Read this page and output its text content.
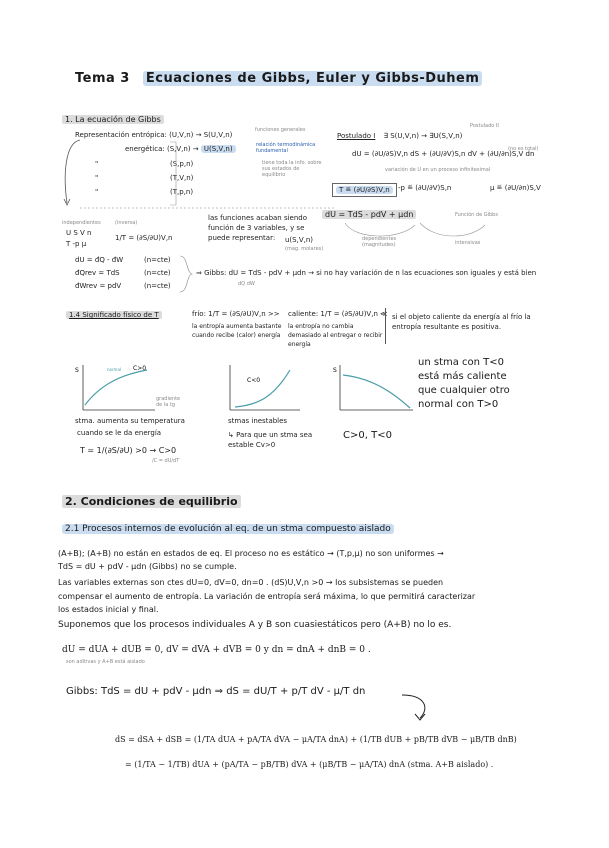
Tema 3 Ecuaciones de Gibbs, Euler y Gibbs-Duhem
1. La ecuación de Gibbs
Representación entrópica: (U,V,n) → S(U,V,n)
funciones generales
energética: (S,V,n) → U(S,V,n)	relación termodinámica fundamental
tiene toda la info. sobre sus estados de equilibrio
"	(S,p,n)
"	(T,V,n)
"	(T,p,n)
Postulado I ∃ S(U,V,n) → ∃U(S,V,n)
Postulado II
dU = (∂U/∂S)V,n dS + (∂U/∂V)S,n dV + (∂U/∂n)S,V dn
(no es total)
variación de U en un proceso infinitesimal
T ≝ (∂U/∂S)V,n	-p ≝ (∂U/∂V)S,n	μ ≝ (∂U/∂n)S,V
independientes	(inversa)
U S V n
T -p μ
1/T = (∂S/∂U)V,n
las funciones acaban siendo función de 3 variables, y se puede representar:	u(S,V,n)
(mag. molares)
dU = TdS - pdV + μdn	Función de Gibbs
dependientes (magnitudes)	intensivas
dU = đQ - đW	(n=cte)
đQrev = TdS	(n=cte)
đWrev = pdV	(n=cte)
⇒ Gibbs: dU = TdS - pdV + μdn → si no hay variación de n las ecuaciones son iguales y está bien
dQ dW
1.4 Significado físico de T	frío: 1/T = (∂S/∂U)V,n >>
la entropía aumenta bastante cuando recibe (calor) energía
caliente: 1/T = (∂S/∂U)V,n ≪
la entropía no cambia demasiado al entregar o recibir energía
si el objeto caliente da energía al frío la entropía resultante es positiva.
un stma con T<0 está más caliente que cualquier otro normal con T>0
S	C>0
normal
C<0
S
gradiente de la tg
stma. aumenta su temperatura
cuando se le da energía
T = 1/(∂S/∂U) >0 → C>0
/C = dU/dT
stmas inestables
↳ Para que un stma sea estable Cv>0
C>0, T<0
2. Condiciones de equilibrio
2.1 Procesos internos de evolución al eq. de un stma compuesto aislado
(A+B); (A+B) no están en estados de eq. El proceso no es estático → (T,p,μ) no son uniformes →
TdS = dU + pdV - μdn (Gibbs) no se cumple.
Las variables externas son ctes dU=0, dV=0, dn=0 . (dS)U,V,n >0 → los subsistemas se pueden
compensar el aumento de entropía. La variación de entropía será máxima, lo que permitirá caracterizar
los estados inicial y final.
Suponemos que los procesos individuales A y B son cuasiestáticos pero (A+B) no lo es.
dU = dUA + dUB = 0, dV = dVA + dVB = 0 y dn = dnA + dnB = 0 .
son aditivas y A+B está aislado
Gibbs: TdS = dU + pdV - μdn ⇒ dS = dU/T + p/T dV - μ/T dn
dS = dSA + dSB = (1/TA dUA + pA/TA dVA − μA/TA dnA) + (1/TB dUB + pB/TB dVB − μB/TB dnB)
= (1/TA − 1/TB) dUA + (pA/TA − pB/TB) dVA + (μB/TB − μA/TA) dnA (stma. A+B aislado) .
